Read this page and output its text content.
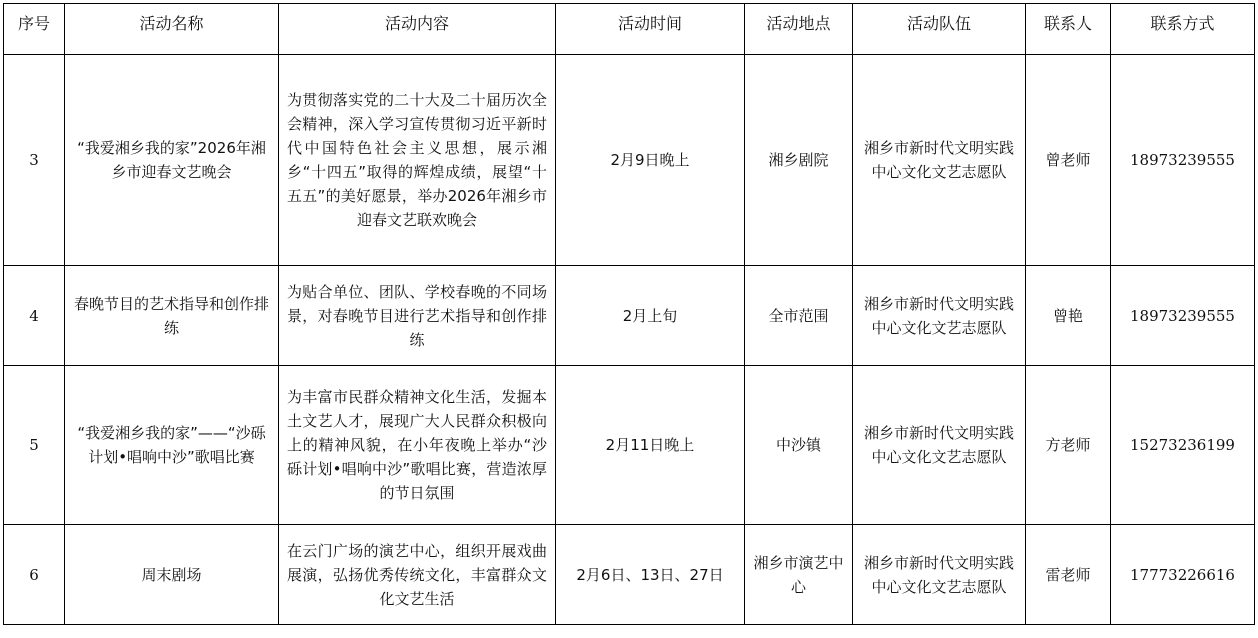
序号	活动名称	活动内容	活动时间	活动地点	活动队伍	联系人	联系方式
3	“我爱湘乡我的家”2026年湘乡市迎春文艺晚会	为贯彻落实党的二十大及二十届历次全会精神，深入学习宣传贯彻习近平新时代中国特色社会主义思想，展示湘乡“十四五”取得的辉煌成绩，展望“十五五”的美好愿景，举办2026年湘乡市迎春文艺联欢晚会	2月9日晚上	湘乡剧院	湘乡市新时代文明实践中心文化文艺志愿队	曾老师	18973239555
4	春晚节目的艺术指导和创作排练	为贴合单位、团队、学校春晚的不同场景，对春晚节目进行艺术指导和创作排练	2月上旬	全市范围	湘乡市新时代文明实践中心文化文艺志愿队	曾艳	18973239555
5	“我爱湘乡我的家”——“沙砾计划•唱响中沙”歌唱比赛	为丰富市民群众精神文化生活，发掘本土文艺人才，展现广大人民群众积极向上的精神风貌，在小年夜晚上举办“沙砾计划•唱响中沙”歌唱比赛，营造浓厚的节日氛围	2月11日晚上	中沙镇	湘乡市新时代文明实践中心文化文艺志愿队	方老师	15273236199
6	周末剧场	在云门广场的演艺中心，组织开展戏曲展演，弘扬优秀传统文化，丰富群众文化文艺生活	2月6日、13日、27日	湘乡市演艺中心	湘乡市新时代文明实践中心文化文艺志愿队	雷老师	17773226616
